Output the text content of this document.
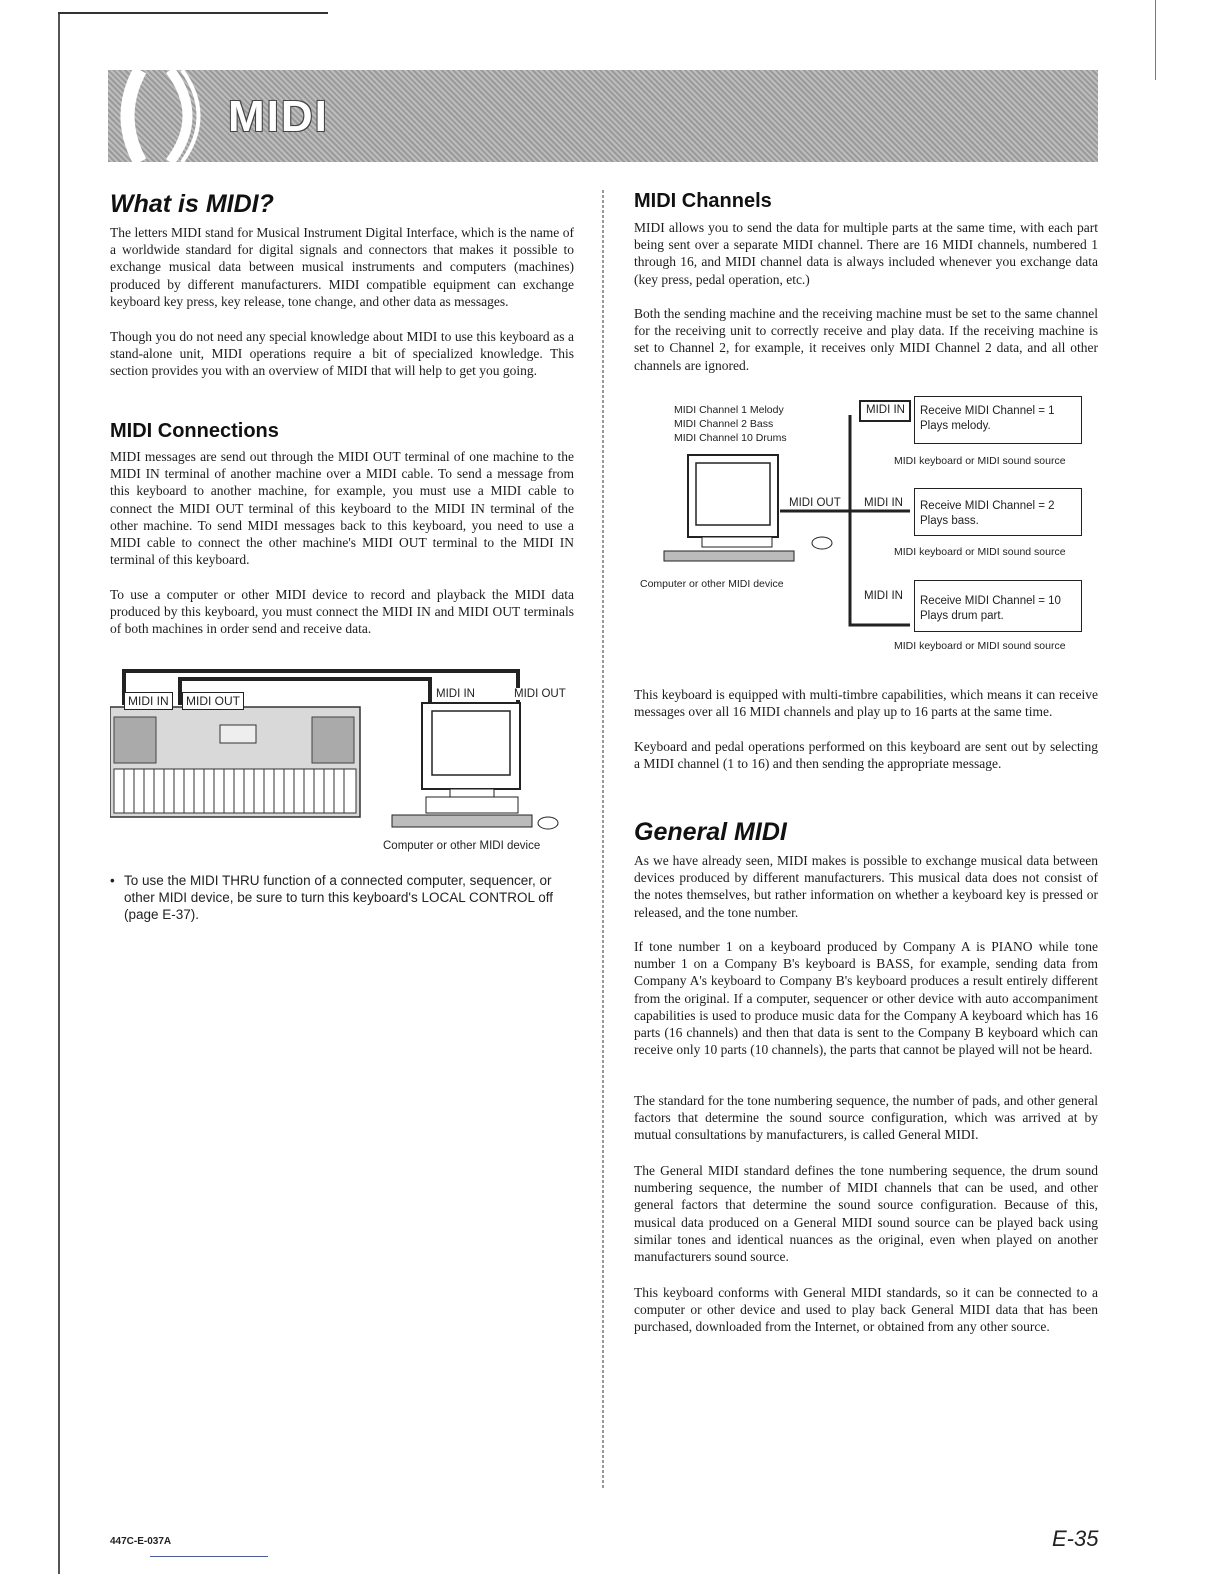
MIDI
What is MIDI?

The letters MIDI stand for Musical Instrument Digital Interface, which is the name of a worldwide standard for digital signals and connectors that makes it possible to exchange musical data between musical instruments and computers (machines) produced by different manufacturers. MIDI compatible equipment can exchange keyboard key press, key release, tone change, and other data as messages.

Though you do not need any special knowledge about MIDI to use this keyboard as a stand-alone unit, MIDI operations require a bit of specialized knowledge. This section provides you with an overview of MIDI that will help to get you going.

MIDI Connections

MIDI messages are send out through the MIDI OUT terminal of one machine to the MIDI IN terminal of another machine over a MIDI cable. To send a message from this keyboard to another machine, for example, you must use a MIDI cable to connect the MIDI OUT terminal of this keyboard to the MIDI IN terminal of the other machine. To send MIDI messages back to this keyboard, you need to use a MIDI cable to connect the other machine's MIDI OUT terminal to the MIDI IN terminal of this keyboard.

To use a computer or other MIDI device to record and playback the MIDI data produced by this keyboard, you must connect the MIDI IN and MIDI OUT terminals of both machines in order send and receive data.

MIDI IN	MIDI OUT	MIDI IN	MIDI OUT
Computer or other MIDI device
• To use the MIDI THRU function of a connected computer, sequencer, or other MIDI device, be sure to turn this keyboard's LOCAL CONTROL off (page E-37).
MIDI Channels

MIDI allows you to send the data for multiple parts at the same time, with each part being sent over a separate MIDI channel. There are 16 MIDI channels, numbered 1 through 16, and MIDI channel data is always included whenever you exchange data (key press, pedal operation, etc.)

Both the sending machine and the receiving machine must be set to the same channel for the receiving unit to correctly receive and play data. If the receiving machine is set to Channel 2, for example, it receives only MIDI Channel 2 data, and all other channels are ignored.

MIDI Channel 1 Melody
MIDI Channel 2 Bass
MIDI Channel 10 Drums
MIDI OUT
Computer or other MIDI device
MIDI IN	Receive MIDI Channel = 1
Plays melody.
MIDI keyboard or MIDI sound source
MIDI IN	Receive MIDI Channel = 2
Plays bass.
MIDI keyboard or MIDI sound source
MIDI IN	Receive MIDI Channel = 10
Plays drum part.
MIDI keyboard or MIDI sound source

This keyboard is equipped with multi-timbre capabilities, which means it can receive messages over all 16 MIDI channels and play up to 16 parts at the same time.

Keyboard and pedal operations performed on this keyboard are sent out by selecting a MIDI channel (1 to 16) and then sending the appropriate message.

General MIDI

As we have already seen, MIDI makes is possible to exchange musical data between devices produced by different manufacturers. This musical data does not consist of the notes themselves, but rather information on whether a keyboard key is pressed or released, and the tone number.

If tone number 1 on a keyboard produced by Company A is PIANO while tone number 1 on a Company B's keyboard is BASS, for example, sending data from Company A's keyboard to Company B's keyboard produces a result entirely different from the original. If a computer, sequencer or other device with auto accompaniment capabilities is used to produce music data for the Company A keyboard which has 16 parts (16 channels) and then that data is sent to the Company B keyboard which can receive only 10 parts (10 channels), the parts that cannot be played will not be heard.

The standard for the tone numbering sequence, the number of pads, and other general factors that determine the sound source configuration, which was arrived at by mutual consultations by manufacturers, is called General MIDI.

The General MIDI standard defines the tone numbering sequence, the drum sound numbering sequence, the number of MIDI channels that can be used, and other general factors that determine the sound source configuration. Because of this, musical data produced on a General MIDI sound source can be played back using similar tones and identical nuances as the original, even when played on another manufacturers sound source.

This keyboard conforms with General MIDI standards, so it can be connected to a computer or other device and used to play back General MIDI data that has been purchased, downloaded from the Internet, or obtained from any other source.

447C-E-037A	E-35
